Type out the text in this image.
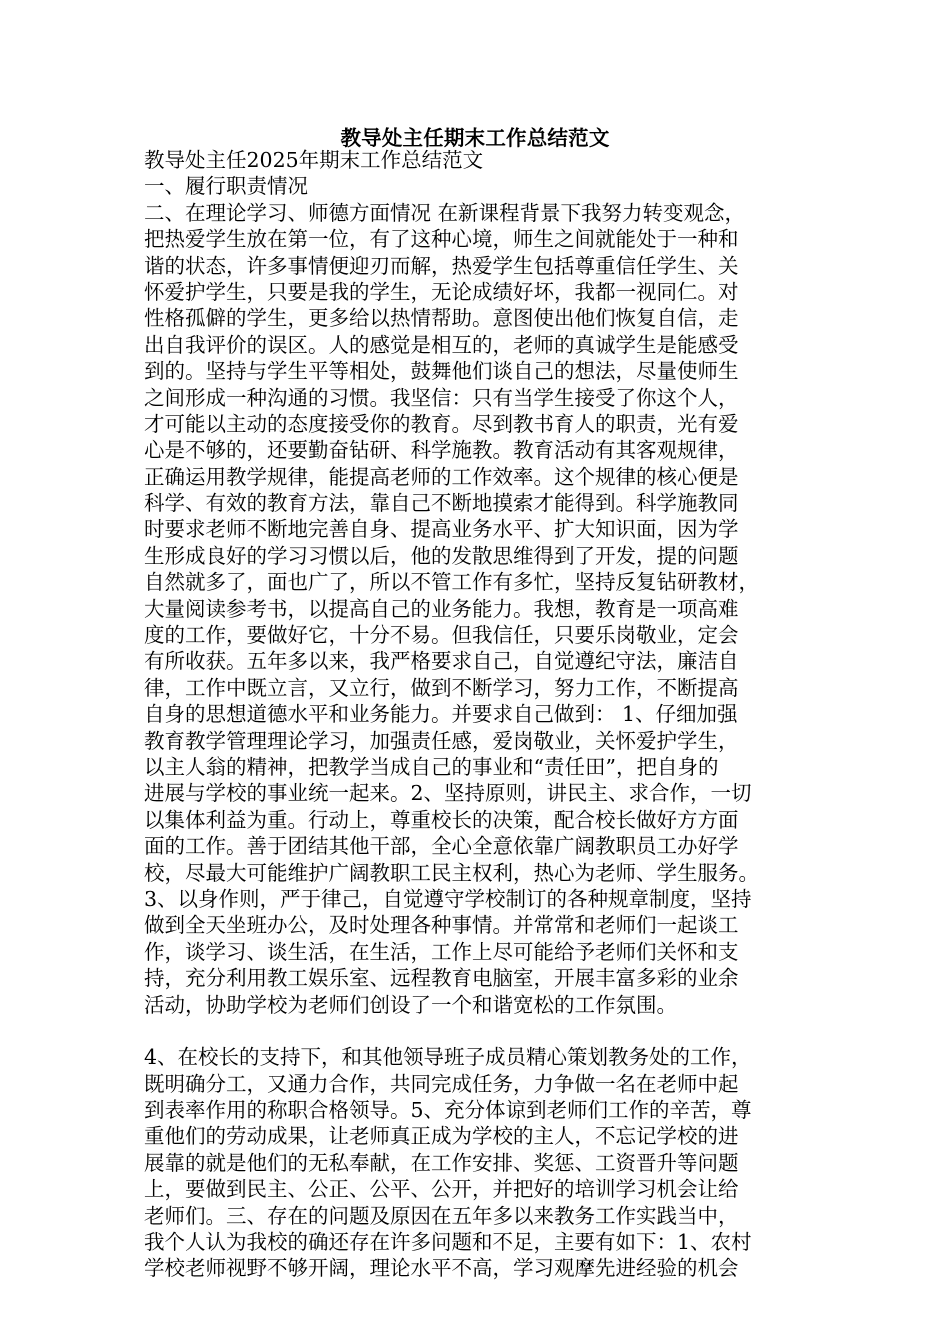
教导处主任期末工作总结范文
教导处主任2025年期末工作总结范文
一、履行职责情况
二、在理论学习、师德方面情况 在新课程背景下我努力转变观念，
把热爱学生放在第一位，有了这种心境，师生之间就能处于一种和
谐的状态，许多事情便迎刃而解，热爱学生包括尊重信任学生、关
怀爱护学生，只要是我的学生，无论成绩好坏，我都一视同仁。对
性格孤僻的学生，更多给以热情帮助。意图使出他们恢复自信，走
出自我评价的误区。人的感觉是相互的，老师的真诚学生是能感受
到的。坚持与学生平等相处，鼓舞他们谈自己的想法，尽量使师生
之间形成一种沟通的习惯。我坚信：只有当学生接受了你这个人，
才可能以主动的态度接受你的教育。尽到教书育人的职责，光有爱
心是不够的，还要勤奋钻研、科学施教。教育活动有其客观规律，
正确运用教学规律，能提高老师的工作效率。这个规律的核心便是
科学、有效的教育方法，靠自己不断地摸索才能得到。科学施教同
时要求老师不断地完善自身、提高业务水平、扩大知识面，因为学
生形成良好的学习习惯以后，他的发散思维得到了开发，提的问题
自然就多了，面也广了，所以不管工作有多忙，坚持反复钻研教材，
大量阅读参考书，以提高自己的业务能力。我想，教育是一项高难
度的工作，要做好它，十分不易。但我信任，只要乐岗敬业，定会
有所收获。五年多以来，我严格要求自己，自觉遵纪守法，廉洁自
律，工作中既立言，又立行，做到不断学习，努力工作，不断提高
自身的思想道德水平和业务能力。并要求自己做到： 1、仔细加强
教育教学管理理论学习，加强责任感，爱岗敬业，关怀爱护学生，
以主人翁的精神，把教学当成自己的事业和“责任田”，把自身的
进展与学校的事业统一起来。2、坚持原则，讲民主、求合作，一切
以集体利益为重。行动上，尊重校长的决策，配合校长做好方方面
面的工作。善于团结其他干部，全心全意依靠广阔教职员工办好学
校，尽最大可能维护广阔教职工民主权利，热心为老师、学生服务。
3、以身作则，严于律己，自觉遵守学校制订的各种规章制度，坚持
做到全天坐班办公，及时处理各种事情。并常常和老师们一起谈工
作，谈学习、谈生活，在生活，工作上尽可能给予老师们关怀和支
持，充分利用教工娱乐室、远程教育电脑室，开展丰富多彩的业余
活动，协助学校为老师们创设了一个和谐宽松的工作氛围。
4、在校长的支持下，和其他领导班子成员精心策划教务处的工作，
既明确分工，又通力合作，共同完成任务，力争做一名在老师中起
到表率作用的称职合格领导。5、充分体谅到老师们工作的辛苦，尊
重他们的劳动成果，让老师真正成为学校的主人，不忘记学校的进
展靠的就是他们的无私奉献，在工作安排、奖惩、工资晋升等问题
上，要做到民主、公正、公平、公开，并把好的培训学习机会让给
老师们。三、存在的问题及原因在五年多以来教务工作实践当中，
我个人认为我校的确还存在许多问题和不足，主要有如下：1、农村
学校老师视野不够开阔，理论水平不高，学习观摩先进经验的机会
